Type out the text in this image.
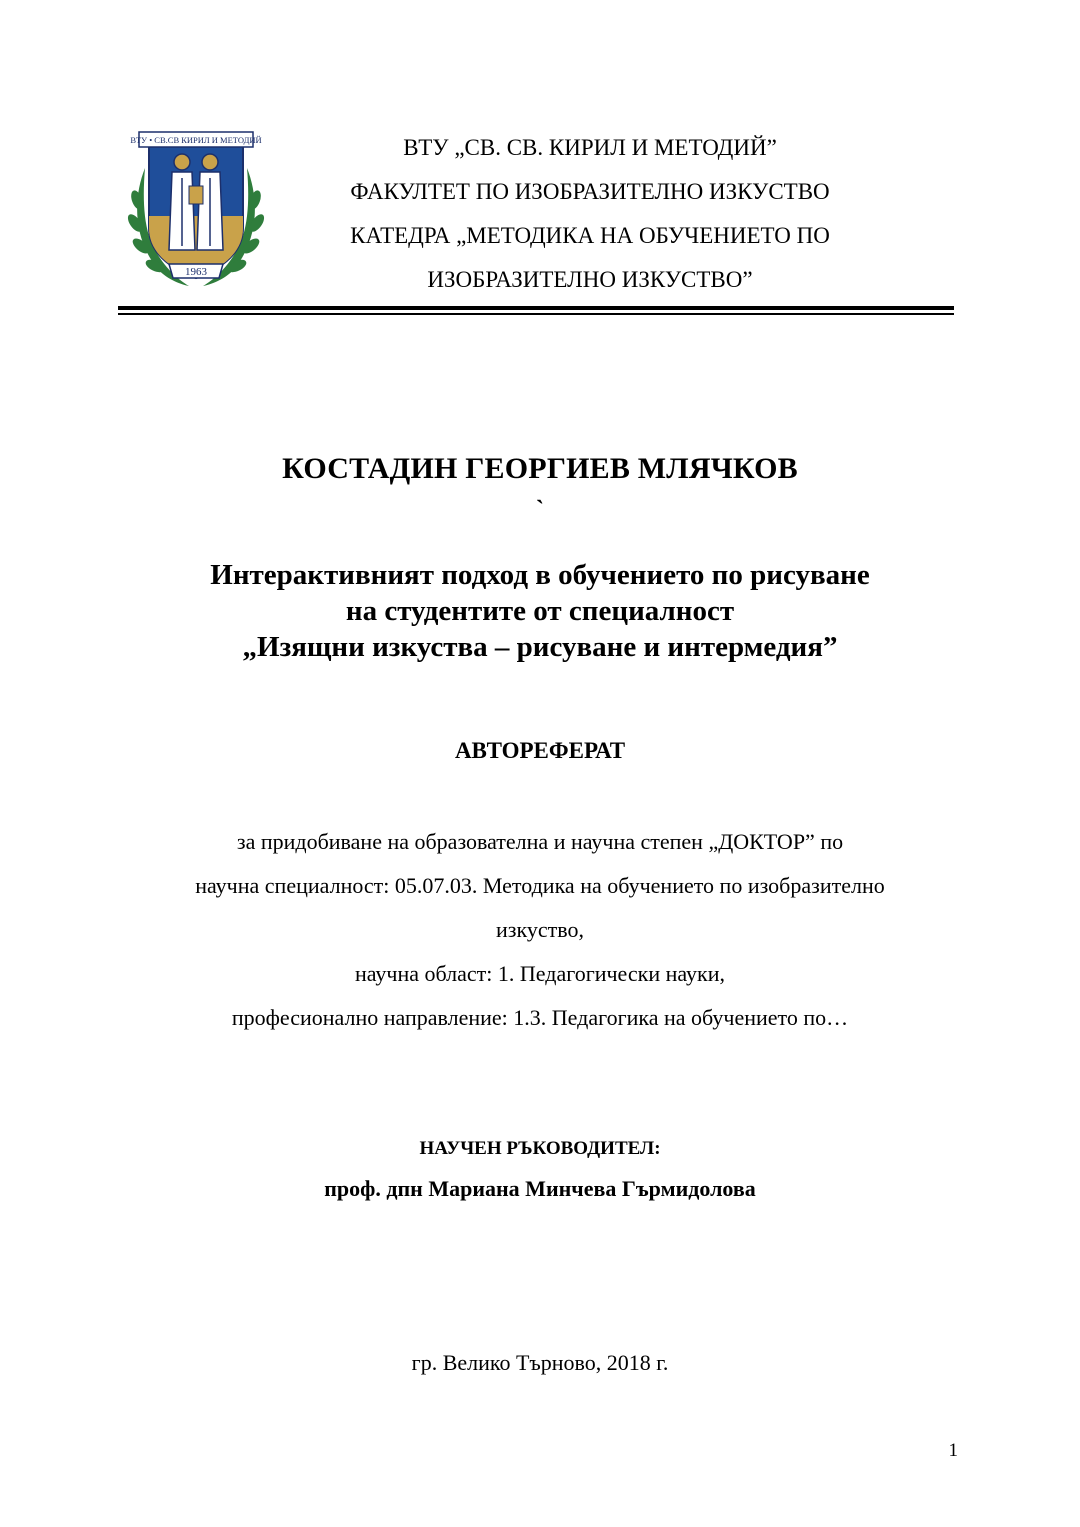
ВТУ • СВ.СВ КИРИЛ И МЕТОДИЙ
1963
ВТУ „СВ. СВ. КИРИЛ И МЕТОДИЙ”
ФАКУЛТЕТ ПО ИЗОБРАЗИТЕЛНО ИЗКУСТВО
КАТЕДРА „МЕТОДИКА НА ОБУЧЕНИЕТО ПО
ИЗОБРАЗИТЕЛНО ИЗКУСТВО”
КОСТАДИН ГЕОРГИЕВ МЛЯЧКОВ
`
Интерактивният подход в обучението по рисуване
на студентите от специалност
„Изящни изкуства – рисуване и интермедия”
АВТОРЕФЕРАТ
за придобиване на образователна и научна степен „ДОКТОР” по
научна специалност: 05.07.03. Методика на обучението по изобразително
изкуство,
научна област: 1. Педагогически науки,
професионално направление: 1.3. Педагогика на обучението по…
НАУЧЕН РЪКОВОДИТЕЛ:
проф. дпн Мариана Минчева Гърмидолова
гр. Велико Търново, 2018 г.
1
